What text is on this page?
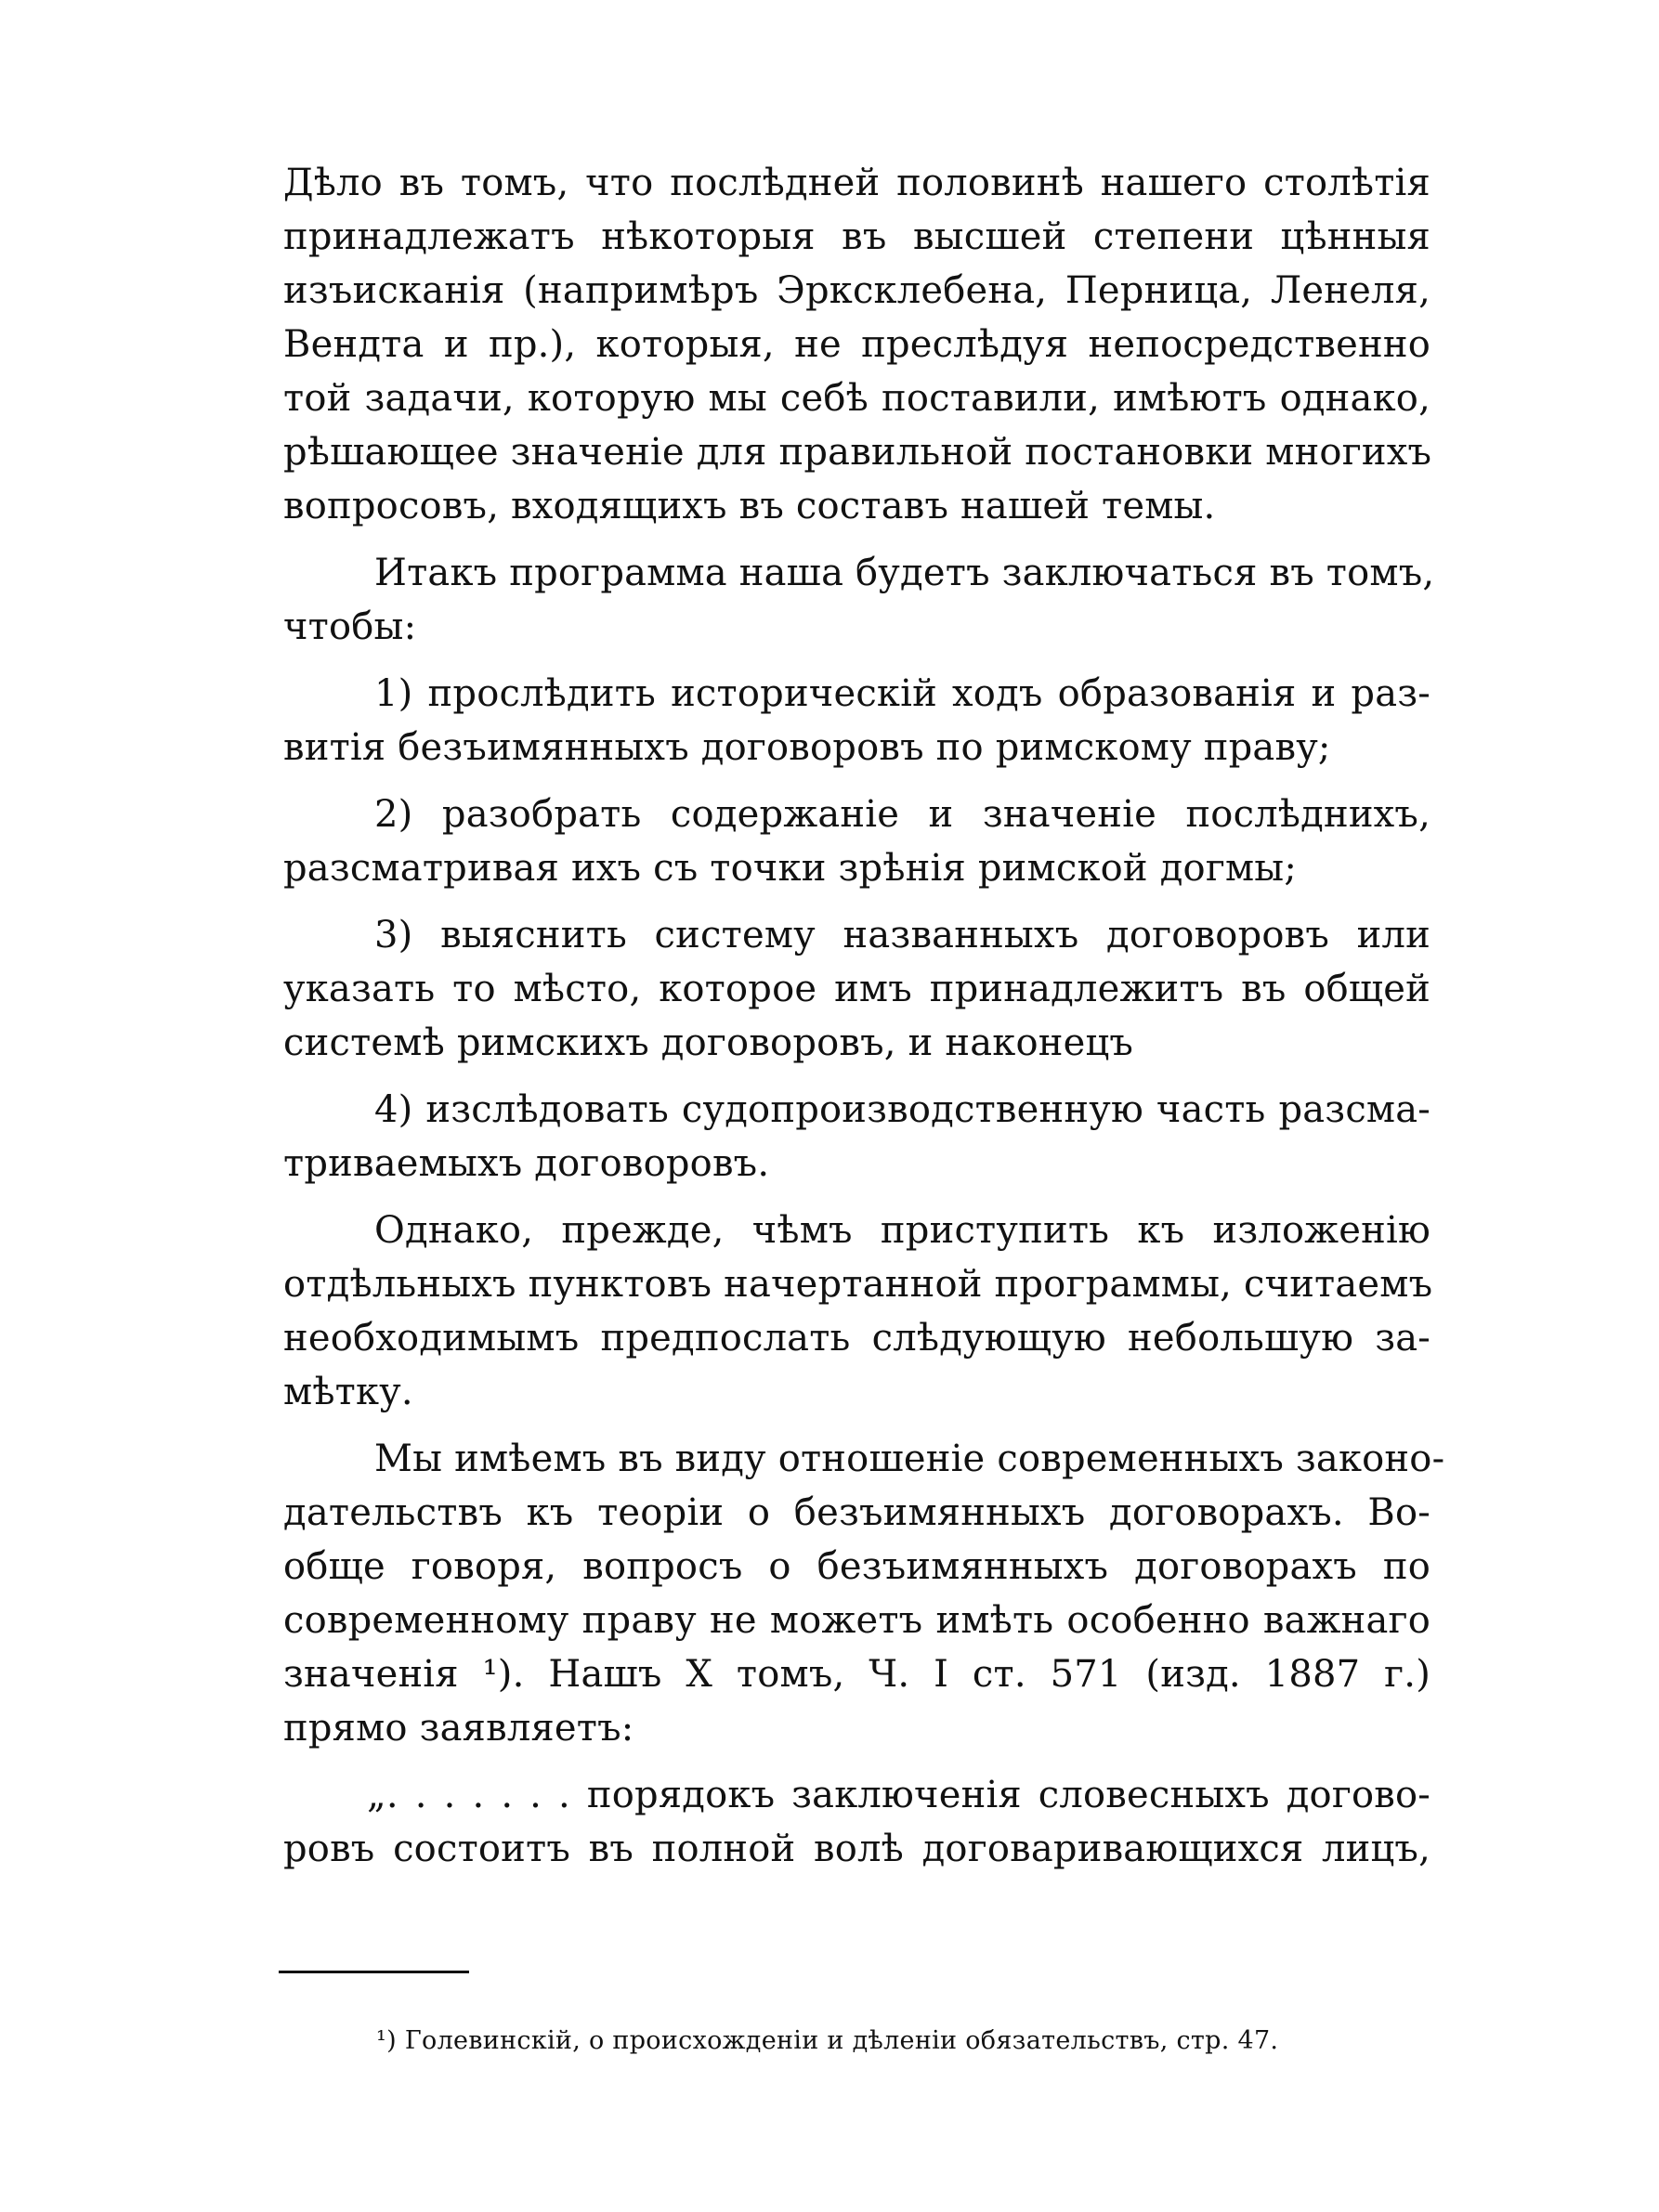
Дѣло въ томъ, что послѣдней половинѣ нашего столѣтія
принадлежатъ нѣкоторыя въ высшей степени цѣнныя
изъисканія (напримѣръ Эрксклебена, Перница, Ленеля,
Вендта и пр.), которыя, не преслѣдуя непосредственно
той задачи, которую мы себѣ поставили, имѣютъ однако,
рѣшающее значеніе для правильной постановки многихъ
вопросовъ, входящихъ въ составъ нашей темы.
Итакъ программа наша будетъ заключаться въ томъ,
чтобы:
1) прослѣдить историческій ходъ образованія и раз-
витія безъимянныхъ договоровъ по римскому праву;
2) разобрать содержаніе и значеніе послѣднихъ,
разсматривая ихъ съ точки зрѣнія римской догмы;
3) выяснить систему названныхъ договоровъ или
указать то мѣсто, которое имъ принадлежитъ въ общей
системѣ римскихъ договоровъ, и наконецъ
4) изслѣдовать судопроизводственную часть разсма-
триваемыхъ договоровъ.
Однако, прежде, чѣмъ приступить къ изложенію
отдѣльныхъ пунктовъ начертанной программы, считаемъ
необходимымъ предпослать слѣдующую небольшую за-
мѣтку.
Мы имѣемъ въ виду отношеніе современныхъ законо-
дательствъ къ теоріи о безъимянныхъ договорахъ. Во-
обще говоря, вопросъ о безъимянныхъ договорахъ по
современному праву не можетъ имѣть особенно важнаго
значенія ¹). Нашъ X томъ, Ч. I ст. 571 (изд. 1887 г.)
прямо заявляетъ:
„. . . . . . . порядокъ заключенія словесныхъ догово-
ровъ состоитъ въ полной волѣ договаривающихся лицъ,
¹) Голевинскій, о происхожденіи и дѣленіи обязательствъ, стр. 47.
